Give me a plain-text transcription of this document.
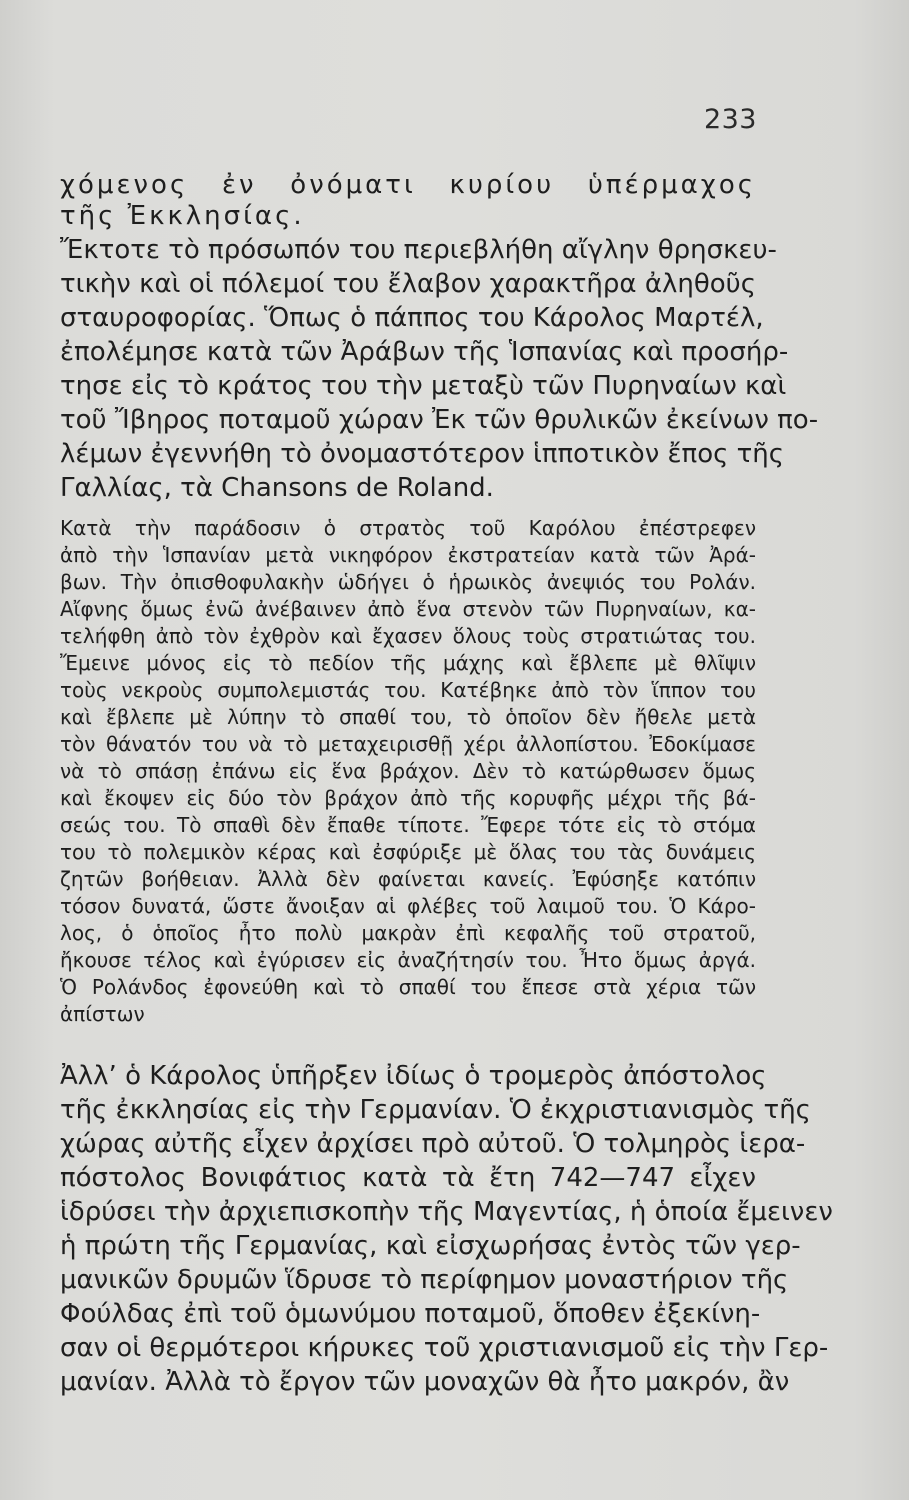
233
χόμενος ἐν ὀνόματι κυρίου ὑπέρμαχος
τῆς Ἐκκλησίας.
Ἔκτοτε τὸ πρόσωπόν του περιεβλήθη αἴγλην θρησκευ-
τικὴν καὶ οἱ πόλεμοί του ἔλαβον χαρακτῆρα ἀληθοῦς
σταυροφορίας. Ὅπως ὁ πάππος του Κάρολος Μαρτέλ,
ἐπολέμησε κατὰ τῶν Ἀράβων τῆς Ἱσπανίας καὶ προσήρ-
τησε εἰς τὸ κράτος του τὴν μεταξὺ τῶν Πυρηναίων καὶ
τοῦ Ἴβηρος ποταμοῦ χώραν Ἐκ τῶν θρυλικῶν ἐκείνων πο-
λέμων ἐγεννήθη τὸ ὀνομαστότερον ἱπποτικὸν ἔπος τῆς
Γαλλίας, τὰ Chansons de Roland.
Κατὰ τὴν παράδοσιν ὁ στρατὸς τοῦ Καρόλου ἐπέστρεφεν
ἀπὸ τὴν Ἱσπανίαν μετὰ νικηφόρον ἐκστρατείαν κατὰ τῶν Ἀρά-
βων. Τὴν ὀπισθοφυλακὴν ὡδήγει ὁ ἡρωικὸς ἀνεψιός του Ρολάν.
Αἴφνης ὅμως ἐνῶ ἀνέβαινεν ἀπὸ ἕνα στενὸν τῶν Πυρηναίων, κα-
τελήφθη ἀπὸ τὸν ἐχθρὸν καὶ ἔχασεν ὅλους τοὺς στρατιώτας του.
Ἔμεινε μόνος εἰς τὸ πεδίον τῆς μάχης καὶ ἔβλεπε μὲ θλῖψιν
τοὺς νεκροὺς συμπολεμιστάς του. Κατέβηκε ἀπὸ τὸν ἵππον του
καὶ ἔβλεπε μὲ λύπην τὸ σπαθί του, τὸ ὁποῖον δὲν ἤθελε μετὰ
τὸν θάνατόν του νὰ τὸ μεταχειρισθῇ χέρι ἀλλοπίστου. Ἐδοκίμασε
νὰ τὸ σπάσῃ ἐπάνω εἰς ἕνα βράχον. Δὲν τὸ κατώρθωσεν ὅμως
καὶ ἔκοψεν εἰς δύο τὸν βράχον ἀπὸ τῆς κορυφῆς μέχρι τῆς βά-
σεώς του. Τὸ σπαθὶ δὲν ἔπαθε τίποτε. Ἔφερε τότε εἰς τὸ στόμα
του τὸ πολεμικὸν κέρας καὶ ἐσφύριξε μὲ ὅλας του τὰς δυνάμεις
ζητῶν βοήθειαν. Ἀλλὰ δὲν φαίνεται κανείς. Ἐφύσηξε κατόπιν
τόσον δυνατά, ὥστε ἄνοιξαν αἱ φλέβες τοῦ λαιμοῦ του. Ὁ Κάρο-
λος, ὁ ὁποῖος ἦτο πολὺ μακρὰν ἐπὶ κεφαλῆς τοῦ στρατοῦ,
ἤκουσε τέλος καὶ ἐγύρισεν εἰς ἀναζήτησίν του. Ἦτο ὅμως ἀργά.
Ὁ Ρολάνδος ἐφονεύθη καὶ τὸ σπαθί του ἔπεσε στὰ χέρια τῶν
ἀπίστων
Ἀλλ’ ὁ Κάρολος ὑπῆρξεν ἰδίως ὁ τρομερὸς ἀπόστολος
τῆς ἐκκλησίας εἰς τὴν Γερμανίαν. Ὁ ἐκχριστιανισμὸς τῆς
χώρας αὐτῆς εἶχεν ἀρχίσει πρὸ αὐτοῦ. Ὁ τολμηρὸς ἱερα-
πόστολος Βονιφάτιος κατὰ τὰ ἔτη 742—747 εἶχεν
ἱδρύσει τὴν ἀρχιεπισκοπὴν τῆς Μαγεντίας, ἡ ὁποία ἔμεινεν
ἡ πρώτη τῆς Γερμανίας, καὶ εἰσχωρήσας ἐντὸς τῶν γερ-
μανικῶν δρυμῶν ἵδρυσε τὸ περίφημον μοναστήριον τῆς
Φούλδας ἐπὶ τοῦ ὁμωνύμου ποταμοῦ, ὅποθεν ἐξεκίνη-
σαν οἱ θερμότεροι κήρυκες τοῦ χριστιανισμοῦ εἰς τὴν Γερ-
μανίαν. Ἀλλὰ τὸ ἔργον τῶν μοναχῶν θὰ ἦτο μακρόν, ἂν
